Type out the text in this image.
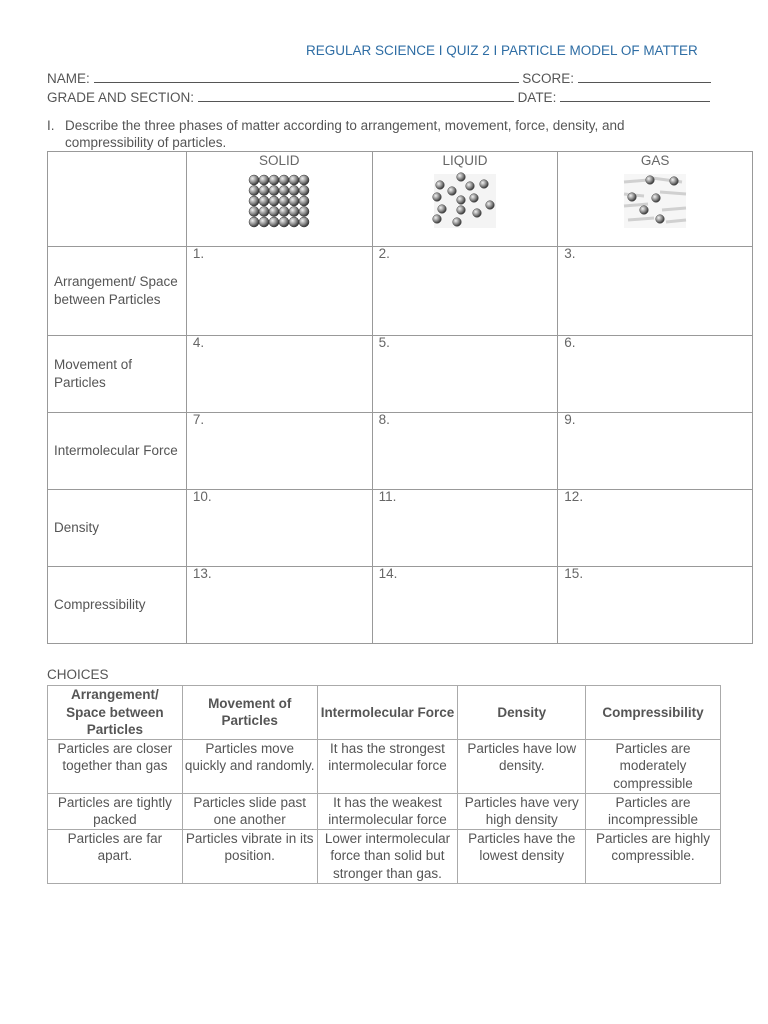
REGULAR SCIENCE I QUIZ 2 I PARTICLE MODEL OF MATTER
NAME:	SCORE:
GRADE AND SECTION:	DATE:
I. Describe the three phases of matter according to arrangement, movement, force, density, and compressibility of particles.

	SOLID	LIQUID	GAS

Arrangement/ Space between Particles	1.	2.	3.

Movement of Particles	4.	5.	6.

Intermolecular Force	7.	8.	9.

Density	10.	11.	12.

Compressibility	13.	14.	15.
CHOICES
Arrangement/ Space between Particles	Movement of Particles	Intermolecular Force	Density	Compressibility
Particles are closer together than gas	Particles move quickly and randomly.	It has the strongest intermolecular force	Particles have low density.	Particles are moderately compressible
Particles are tightly packed	Particles slide past one another	It has the weakest intermolecular force	Particles have very high density	Particles are incompressible
Particles are far apart.	Particles vibrate in its position.	Lower intermolecular force than solid but stronger than gas.	Particles have the lowest density	Particles are highly compressible.
